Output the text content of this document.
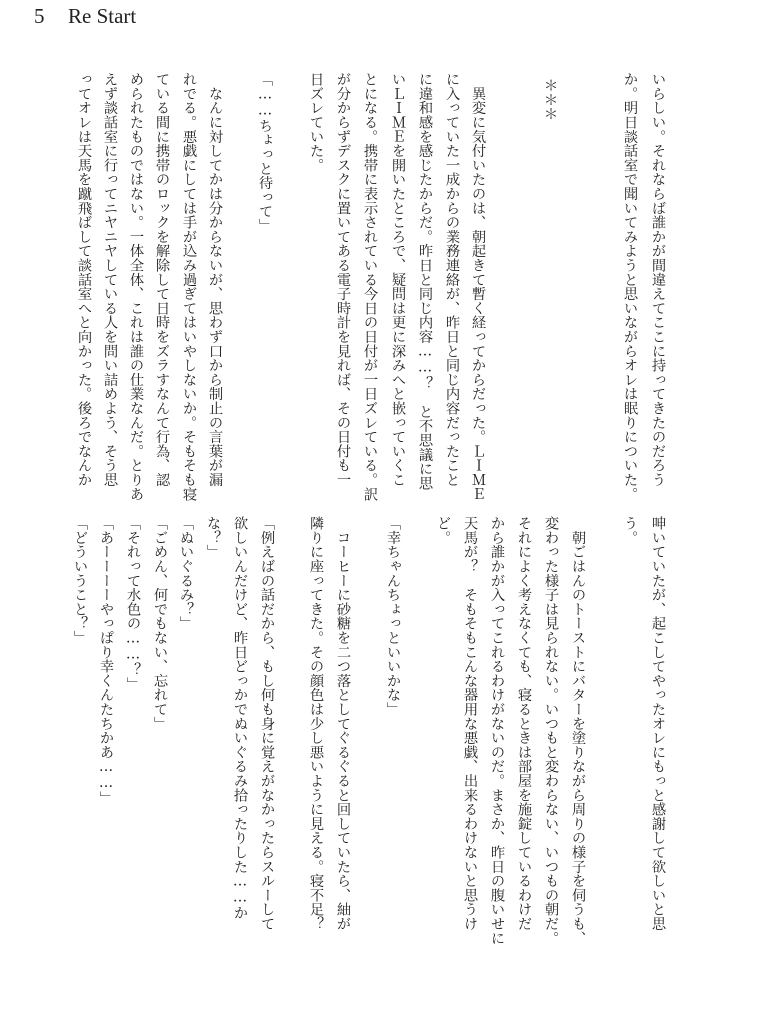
5 Re Start
いらしい。それならば誰かが間違えてここに持ってきたのだろう
か。明日談話室で聞いてみようと思いながらオレは眠りについた。
＊＊＊
　異変に気付いたのは、朝起きて暫く経ってからだった。ＬＩＭＥ
に入っていた一成からの業務連絡が、昨日と同じ内容だったこと
に違和感を感じたからだ。昨日と同じ内容……？　と不思議に思
いＬＩＭＥを開いたところで、疑問は更に深みへと嵌っていくこ
とになる。携帯に表示されている今日の日付が一日ズレている。訳
が分からずデスクに置いてある電子時計を見れば、その日付も一
日ズレていた。
「……ちょっと待って」
　なんに対してかは分からないが、思わず口から制止の言葉が漏
れでる。悪戯にしては手が込み過ぎてはいやしないか。そもそも寝
ている間に携帯のロックを解除して日時をズラすなんて行為、認
められたものではない。一体全体、これは誰の仕業なんだ。とりあ
えず談話室に行ってニヤニヤしている人を問い詰めよう、そう思
ってオレは天馬を蹴飛ばして談話室へと向かった。後ろでなんか
呻いていたが、起こしてやったオレにもっと感謝して欲しいと思
う。
　朝ごはんのトーストにバターを塗りながら周りの様子を伺うも、
変わった様子は見られない。いつもと変わらない、いつもの朝だ。
それによく考えなくても、寝るときは部屋を施錠しているわけだ
から誰かが入ってこれるわけがないのだ。まさか、昨日の腹いせに
天馬が？　そもそもこんな器用な悪戯、出来るわけないと思うけ
ど。
「幸ちゃんちょっといいかな」
　コーヒーに砂糖を二つ落としてぐるぐると回していたら、紬が
隣りに座ってきた。その顔色は少し悪いように見える。寝不足？
「例えばの話だから、もし何も身に覚えがなかったらスルーして
欲しいんだけど、昨日どっかでぬいぐるみ拾ったりした……か
な？」
「ぬいぐるみ？」
「ごめん、何でもない、忘れて」
「それって水色の……？」
「あーーーーやっぱり幸くんたちかあ……」
「どういうこと？」
